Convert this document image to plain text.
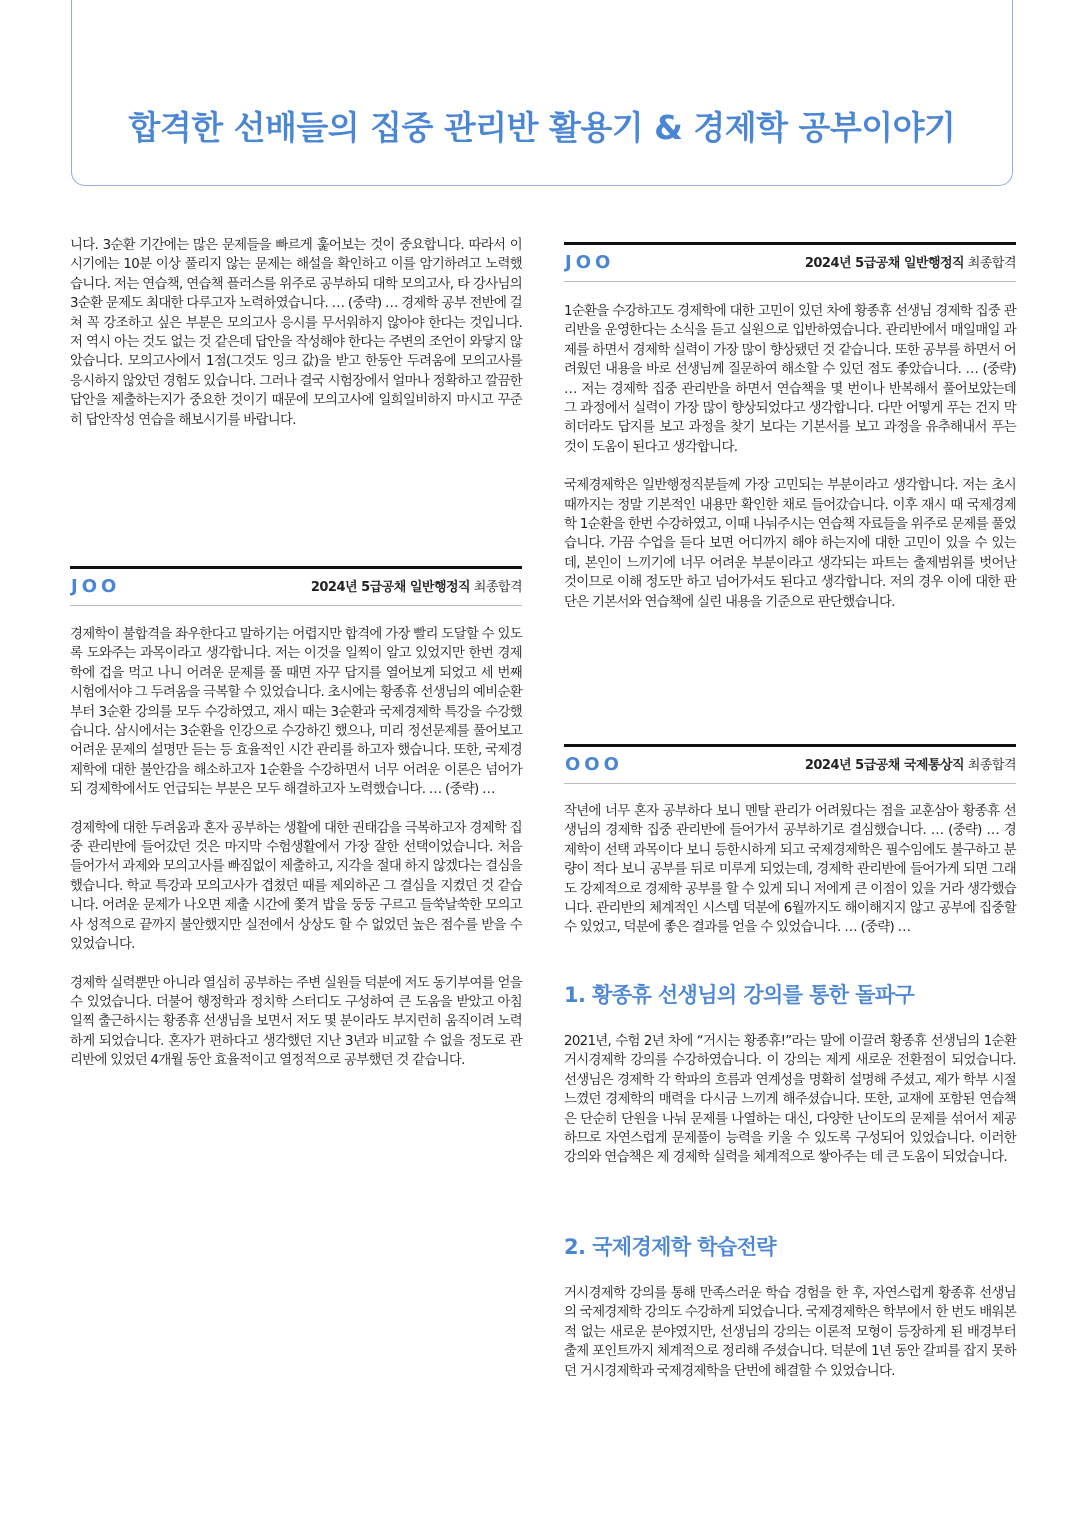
합격한 선배들의 집중 관리반 활용기 & 경제학 공부이야기

니다. 3순환 기간에는 많은 문제들을 빠르게 훑어보는 것이 중요합니다. 따라서 이 시기에는 10분 이상 풀리지 않는 문제는 해설을 확인하고 이를 암기하려고 노력했습니다. 저는 연습책, 연습책 플러스를 위주로 공부하되 대학 모의고사, 타 강사님의 3순환 문제도 최대한 다루고자 노력하였습니다. … (중략) … 경제학 공부 전반에 걸쳐 꼭 강조하고 싶은 부분은 모의고사 응시를 무서워하지 않아야 한다는 것입니다. 저 역시 아는 것도 없는 것 같은데 답안을 작성해야 한다는 주변의 조언이 와닿지 않았습니다. 모의고사에서 1점(그것도 잉크 값)을 받고 한동안 두려움에 모의고사를 응시하지 않았던 경험도 있습니다. 그러나 결국 시험장에서 얼마나 정확하고 깔끔한 답안을 제출하는지가 중요한 것이기 때문에 모의고사에 일희일비하지 마시고 꾸준히 답안작성 연습을 해보시기를 바랍니다.

JOO	2024년 5급공채 일반행정직 최종합격

경제학이 불합격을 좌우한다고 말하기는 어렵지만 합격에 가장 빨리 도달할 수 있도록 도와주는 과목이라고 생각합니다. 저는 이것을 일찍이 알고 있었지만 한번 경제학에 겁을 먹고 나니 어려운 문제를 풀 때면 자꾸 답지를 열어보게 되었고 세 번째 시험에서야 그 두려움을 극복할 수 있었습니다. 초시에는 황종휴 선생님의 예비순환부터 3순환 강의를 모두 수강하였고, 재시 때는 3순환과 국제경제학 특강을 수강했습니다. 삼시에서는 3순환을 인강으로 수강하긴 했으나, 미리 정선문제를 풀어보고 어려운 문제의 설명만 듣는 등 효율적인 시간 관리를 하고자 했습니다. 또한, 국제경제학에 대한 불안감을 해소하고자 1순환을 수강하면서 너무 어려운 이론은 넘어가되 경제학에서도 언급되는 부분은 모두 해결하고자 노력했습니다. … (중략) …

경제학에 대한 두려움과 혼자 공부하는 생활에 대한 권태감을 극복하고자 경제학 집중 관리반에 들어갔던 것은 마지막 수험생활에서 가장 잘한 선택이었습니다. 처음 들어가서 과제와 모의고사를 빠짐없이 제출하고, 지각을 절대 하지 않겠다는 결심을 했습니다. 학교 특강과 모의고사가 겹쳤던 때를 제외하곤 그 결심을 지켰던 것 같습니다. 어려운 문제가 나오면 제출 시간에 쫓겨 밥을 둥둥 구르고 들쑥날쑥한 모의고사 성적으로 끝까지 불안했지만 실전에서 상상도 할 수 없었던 높은 점수를 받을 수 있었습니다.

경제학 실력뿐만 아니라 열심히 공부하는 주변 실원들 덕분에 저도 동기부여를 얻을 수 있었습니다. 더불어 행정학과 정치학 스터디도 구성하여 큰 도움을 받았고 아침 일찍 출근하시는 황종휴 선생님을 보면서 저도 몇 분이라도 부지런히 움직이려 노력하게 되었습니다. 혼자가 편하다고 생각했던 지난 3년과 비교할 수 없을 정도로 관리반에 있었던 4개월 동안 효율적이고 열정적으로 공부했던 것 같습니다.

JOO	2024년 5급공채 일반행정직 최종합격

1순환을 수강하고도 경제학에 대한 고민이 있던 차에 황종휴 선생님 경제학 집중 관리반을 운영한다는 소식을 듣고 실원으로 입반하였습니다. 관리반에서 매일매일 과제를 하면서 경제학 실력이 가장 많이 향상됐던 것 같습니다. 또한 공부를 하면서 어려웠던 내용을 바로 선생님께 질문하여 해소할 수 있던 점도 좋았습니다. … (중략) … 저는 경제학 집중 관리반을 하면서 연습책을 몇 번이나 반복해서 풀어보았는데 그 과정에서 실력이 가장 많이 향상되었다고 생각합니다. 다만 어떻게 푸는 건지 막히더라도 답지를 보고 과정을 찾기 보다는 기본서를 보고 과정을 유추해내서 푸는 것이 도움이 된다고 생각합니다.

국제경제학은 일반행정직분들께 가장 고민되는 부분이라고 생각합니다. 저는 초시 때까지는 정말 기본적인 내용만 확인한 채로 들어갔습니다. 이후 재시 때 국제경제학 1순환을 한번 수강하였고, 이때 나눠주시는 연습책 자료들을 위주로 문제를 풀었습니다. 가끔 수업을 듣다 보면 어디까지 해야 하는지에 대한 고민이 있을 수 있는데, 본인이 느끼기에 너무 어려운 부분이라고 생각되는 파트는 출제범위를 벗어난 것이므로 이해 정도만 하고 넘어가셔도 된다고 생각합니다. 저의 경우 이에 대한 판단은 기본서와 연습책에 실린 내용을 기준으로 판단했습니다.

OOO	2024년 5급공채 국제통상직 최종합격

작년에 너무 혼자 공부하다 보니 멘탈 관리가 어려웠다는 점을 교훈삼아 황종휴 선생님의 경제학 집중 관리반에 들어가서 공부하기로 결심했습니다. … (중략) … 경제학이 선택 과목이다 보니 등한시하게 되고 국제경제학은 필수임에도 불구하고 분량이 적다 보니 공부를 뒤로 미루게 되었는데, 경제학 관리반에 들어가게 되면 그래도 강제적으로 경제학 공부를 할 수 있게 되니 저에게 큰 이점이 있을 거라 생각했습니다. 관리반의 체계적인 시스템 덕분에 6월까지도 해이해지지 않고 공부에 집중할 수 있었고, 덕분에 좋은 결과를 얻을 수 있었습니다. … (중략) …

1. 황종휴 선생님의 강의를 통한 돌파구

2021년, 수험 2년 차에 “거시는 황종휴!”라는 말에 이끌려 황종휴 선생님의 1순환 거시경제학 강의를 수강하였습니다. 이 강의는 제게 새로운 전환점이 되었습니다. 선생님은 경제학 각 학파의 흐름과 연계성을 명확히 설명해 주셨고, 제가 학부 시절 느꼈던 경제학의 매력을 다시금 느끼게 해주셨습니다. 또한, 교재에 포함된 연습책은 단순히 단원을 나눠 문제를 나열하는 대신, 다양한 난이도의 문제를 섞어서 제공하므로 자연스럽게 문제풀이 능력을 키울 수 있도록 구성되어 있었습니다. 이러한 강의와 연습책은 제 경제학 실력을 체계적으로 쌓아주는 데 큰 도움이 되었습니다.

2. 국제경제학 학습전략

거시경제학 강의를 통해 만족스러운 학습 경험을 한 후, 자연스럽게 황종휴 선생님의 국제경제학 강의도 수강하게 되었습니다. 국제경제학은 학부에서 한 번도 배워본 적 없는 새로운 분야였지만, 선생님의 강의는 이론적 모형이 등장하게 된 배경부터 출제 포인트까지 체계적으로 정리해 주셨습니다. 덕분에 1년 동안 갈피를 잡지 못하던 거시경제학과 국제경제학을 단번에 해결할 수 있었습니다.
